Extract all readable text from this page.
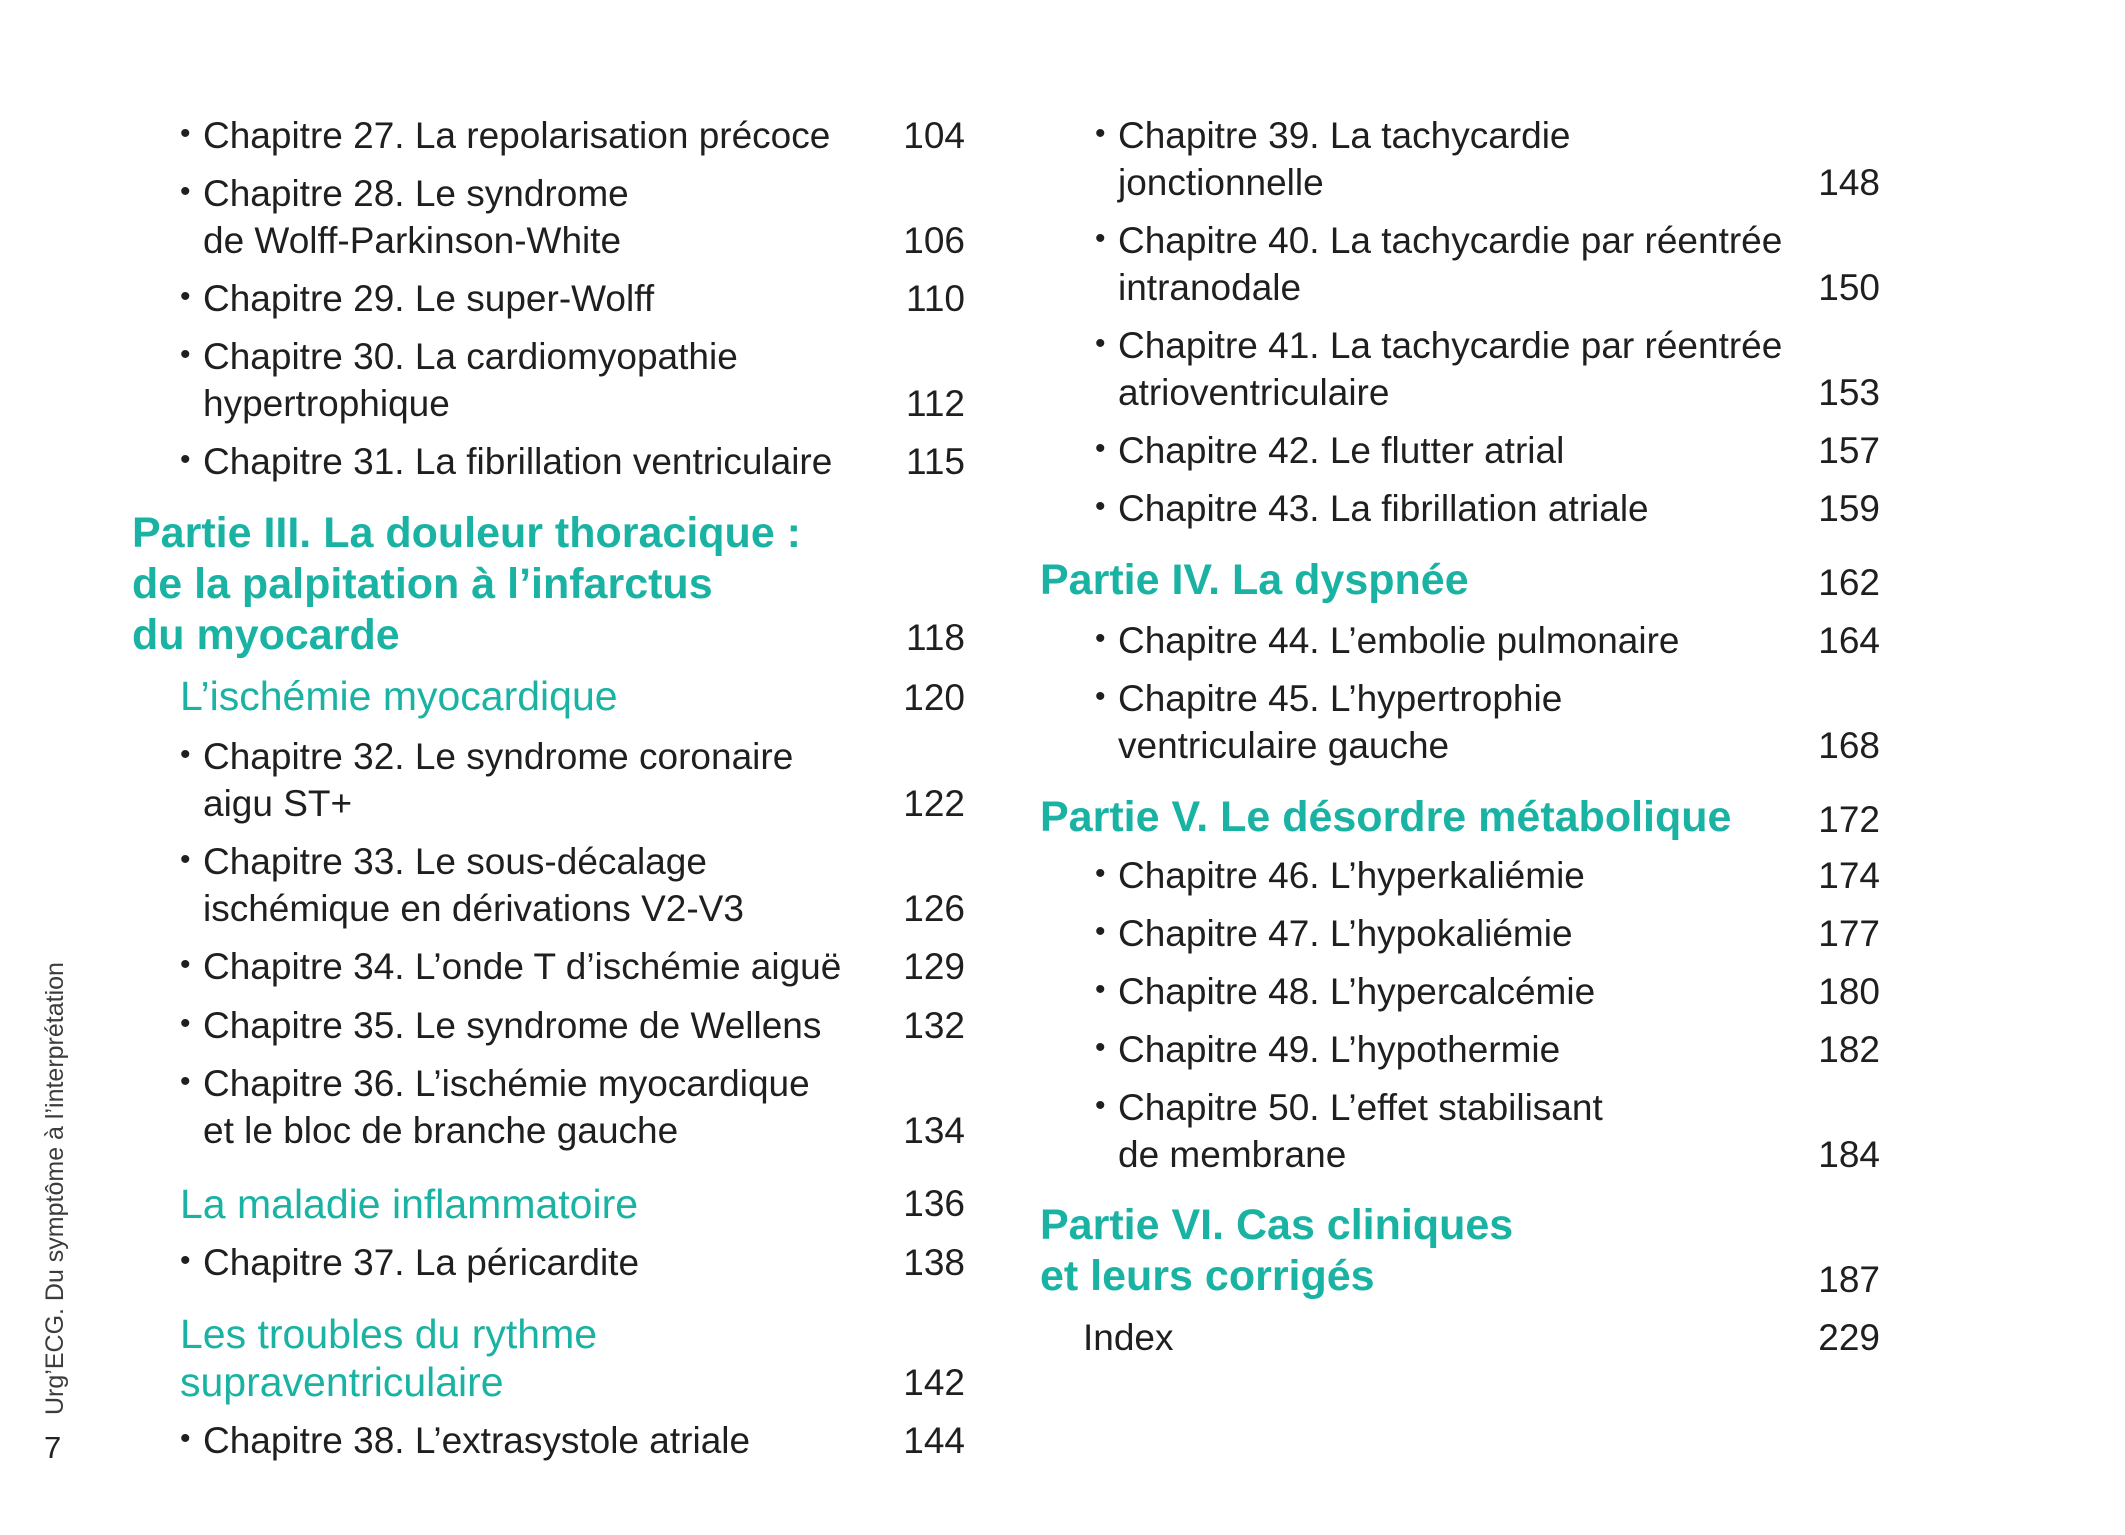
• Chapitre 27. La repolarisation précoce	104
• Chapitre 28. Le syndrome
de Wolff-Parkinson-White	106
• Chapitre 29. Le super-Wolff	110
• Chapitre 30. La cardiomyopathie
hypertrophique	112
• Chapitre 31. La fibrillation ventriculaire	115
Partie III. La douleur thoracique :
de la palpitation à l’infarctus
du myocarde	118
L’ischémie myocardique	120
• Chapitre 32. Le syndrome coronaire
aigu ST+	122
• Chapitre 33. Le sous-décalage
ischémique en dérivations V2-V3	126
• Chapitre 34. L’onde T d’ischémie aiguë	129
• Chapitre 35. Le syndrome de Wellens	132
• Chapitre 36. L’ischémie myocardique
et le bloc de branche gauche	134
La maladie inflammatoire	136
• Chapitre 37. La péricardite	138
Les troubles du rythme
supraventriculaire	142
• Chapitre 38. L’extrasystole atriale	144
• Chapitre 39. La tachycardie
jonctionnelle	148
• Chapitre 40. La tachycardie par réentrée
intranodale	150
• Chapitre 41. La tachycardie par réentrée
atrioventriculaire	153
• Chapitre 42. Le flutter atrial	157
• Chapitre 43. La fibrillation atriale	159
Partie IV. La dyspnée	162
• Chapitre 44. L’embolie pulmonaire	164
• Chapitre 45. L’hypertrophie
ventriculaire gauche	168
Partie V. Le désordre métabolique	172
• Chapitre 46. L’hyperkaliémie	174
• Chapitre 47. L’hypokaliémie	177
• Chapitre 48. L’hypercalcémie	180
• Chapitre 49. L’hypothermie	182
• Chapitre 50. L’effet stabilisant
de membrane	184
Partie VI. Cas cliniques
et leurs corrigés	187
Index	229
Urg’ECG. Du symptôme à l’interprétation
7
